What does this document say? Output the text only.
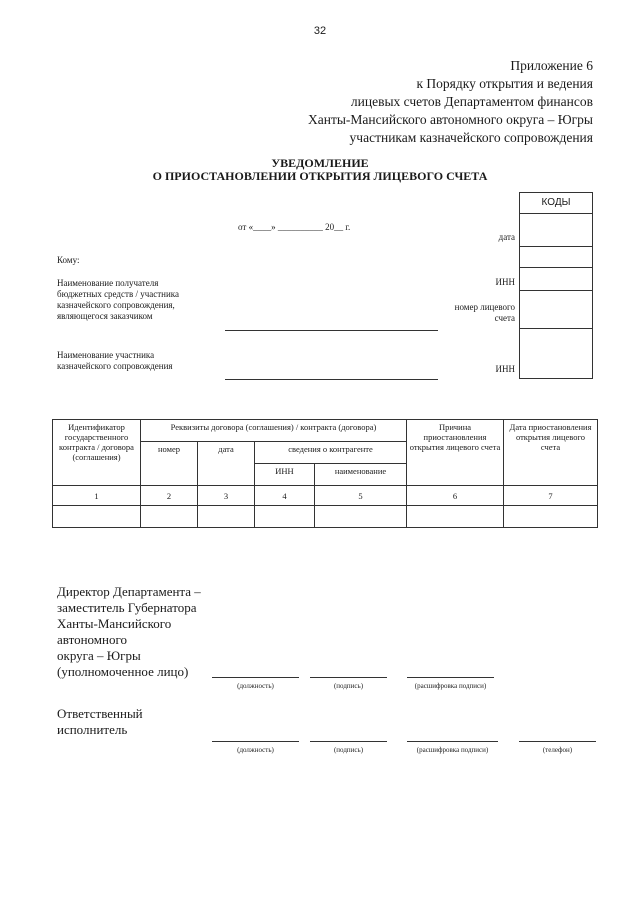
32
Приложение 6
к Порядку открытия и ведения
лицевых счетов Департаментом финансов
Ханты-Мансийского автономного округа – Югры
участникам казначейского сопровождения
УВЕДОМЛЕНИЕ
О ПРИОСТАНОВЛЕНИИ ОТКРЫТИЯ ЛИЦЕВОГО СЧЕТА
от «____» __________ 20__ г.
КОДЫ
дата
ИНН
номер лицевого
счета
ИНН
Кому:
Наименование получателя
бюджетных средств / участника
казначейского сопровождения,
являющегося заказчиком
Наименование участника
казначейского сопровождения
Идентификатор государственного контракта / договора (соглашения)	Реквизиты договора (соглашения) / контракта (договора)				Причина приостановления открытия лицевого счета	Дата приостановления открытия лицевого счета
	номер	дата	сведения о контрагенте			
			ИНН	наименование		
1	2	3	4	5	6	7

Директор Департамента –
заместитель Губернатора
Ханты-Мансийского
автономного
округа – Югры
(уполномоченное лицо)
(должность)	(подпись)	(расшифровка подписи)
Ответственный
исполнитель
(должность)	(подпись)	(расшифровка подписи)	(телефон)
